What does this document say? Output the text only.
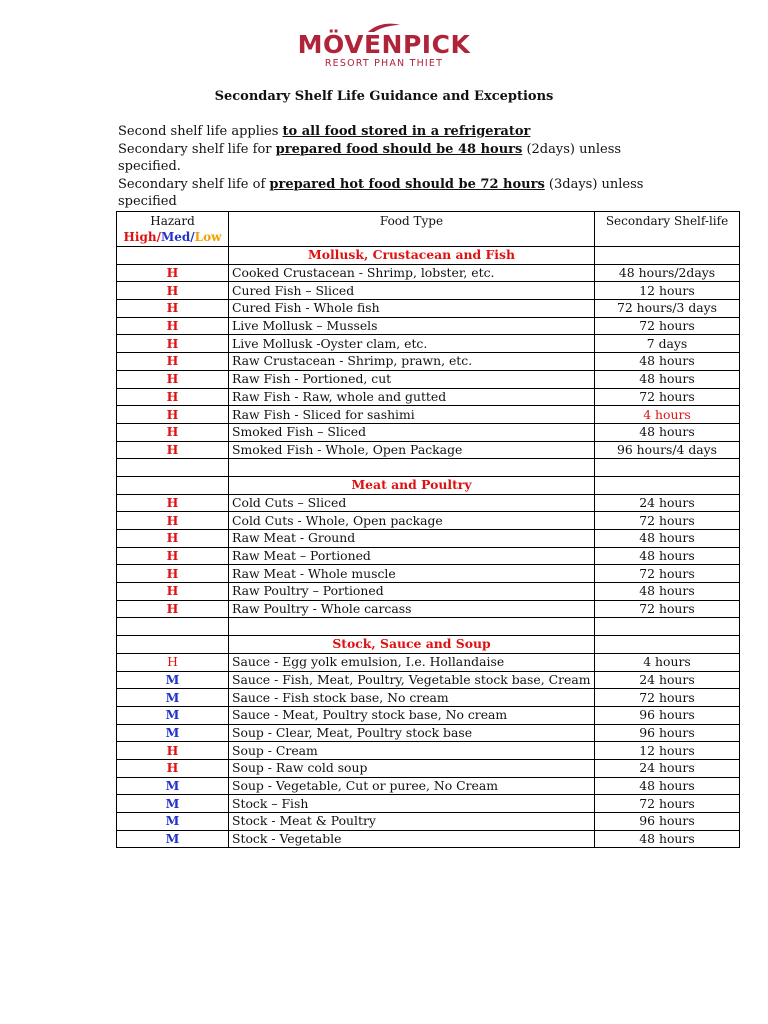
MÖVENPICK
RESORT PHAN THIET
Secondary Shelf Life Guidance and Exceptions
Second shelf life applies to all food stored in a refrigerator
Secondary shelf life for prepared food should be 48 hours (2days) unless specified.
Secondary shelf life of prepared hot food should be 72 hours (3days) unless specified
Hazard
High/Med/Low	Food Type	Secondary Shelf-life
	Mollusk, Crustacean and Fish	
H	Cooked Crustacean - Shrimp, lobster, etc.	48 hours/2days
H	Cured Fish – Sliced	12 hours
H	Cured Fish - Whole fish	72 hours/3 days
H	Live Mollusk – Mussels	72 hours
H	Live Mollusk -Oyster clam, etc.	7 days
H	Raw Crustacean - Shrimp, prawn, etc.	48 hours
H	Raw Fish - Portioned, cut	48 hours
H	Raw Fish - Raw, whole and gutted	72 hours
H	Raw Fish - Sliced for sashimi	4 hours
H	Smoked Fish – Sliced	48 hours
H	Smoked Fish - Whole, Open Package	96 hours/4 days

	Meat and Poultry	
H	Cold Cuts – Sliced	24 hours
H	Cold Cuts - Whole, Open package	72 hours
H	Raw Meat - Ground	48 hours
H	Raw Meat – Portioned	48 hours
H	Raw Meat - Whole muscle	72 hours
H	Raw Poultry – Portioned	48 hours
H	Raw Poultry - Whole carcass	72 hours

	Stock, Sauce and Soup	
H	Sauce - Egg yolk emulsion, I.e. Hollandaise	4 hours
M	Sauce - Fish, Meat, Poultry, Vegetable stock base, Cream	24 hours
M	Sauce - Fish stock base, No cream	72 hours
M	Sauce - Meat, Poultry stock base, No cream	96 hours
M	Soup - Clear, Meat, Poultry stock base	96 hours
H	Soup - Cream	12 hours
H	Soup - Raw cold soup	24 hours
M	Soup - Vegetable, Cut or puree, No Cream	48 hours
M	Stock – Fish	72 hours
M	Stock - Meat & Poultry	96 hours
M	Stock - Vegetable	48 hours
